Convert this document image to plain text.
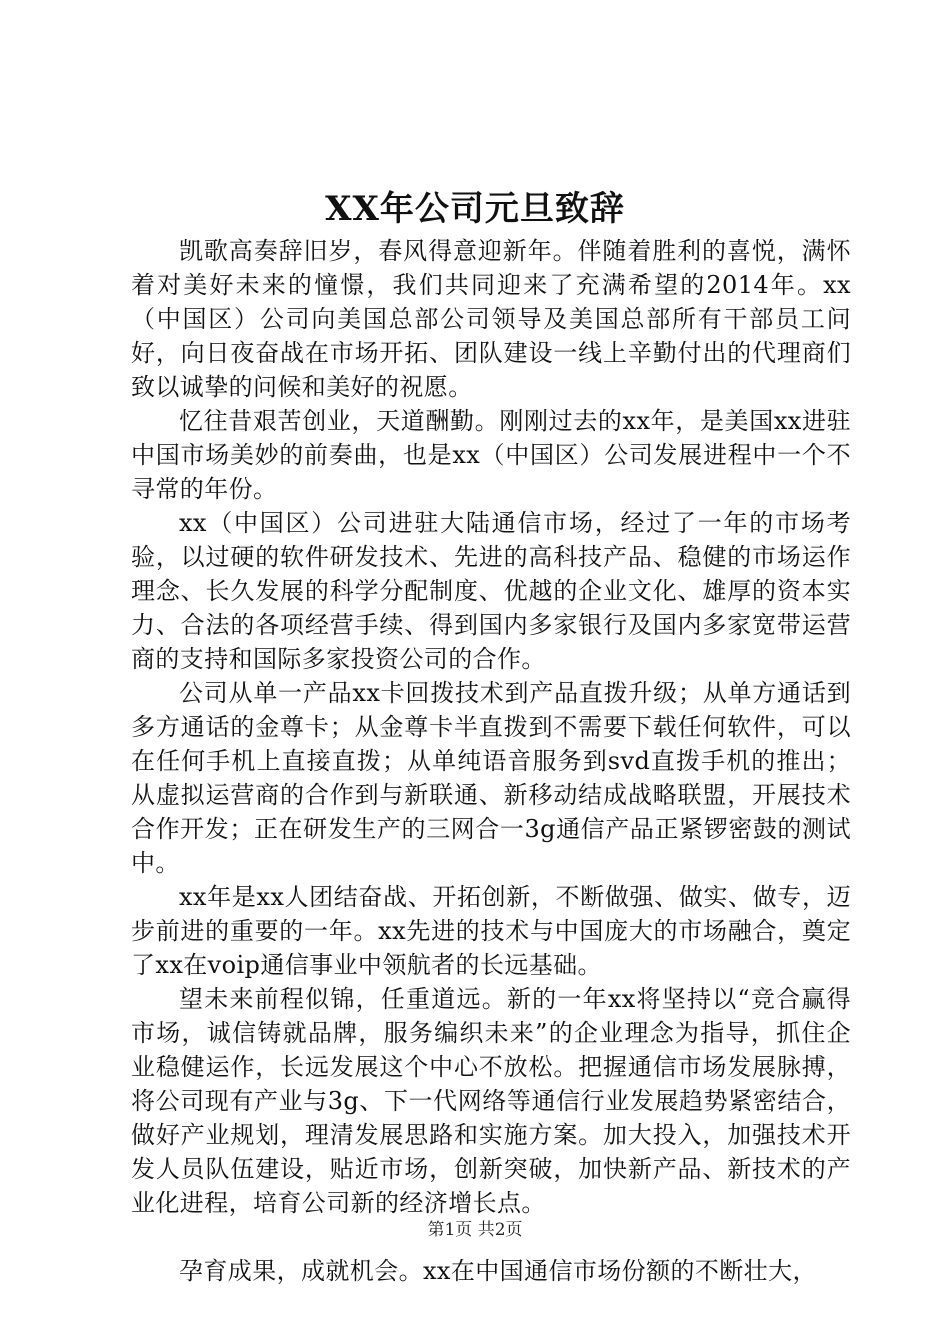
XX年公司元旦致辞

凯歌高奏辞旧岁，春风得意迎新年。伴随着胜利的喜悦，满怀着对美好未来的憧憬，我们共同迎来了充满希望的2014年。xx（中国区）公司向美国总部公司领导及美国总部所有干部员工问好，向日夜奋战在市场开拓、团队建设一线上辛勤付出的代理商们致以诚挚的问候和美好的祝愿。

忆往昔艰苦创业，天道酬勤。刚刚过去的xx年，是美国xx进驻中国市场美妙的前奏曲，也是xx（中国区）公司发展进程中一个不寻常的年份。

xx（中国区）公司进驻大陆通信市场，经过了一年的市场考验，以过硬的软件研发技术、先进的高科技产品、稳健的市场运作理念、长久发展的科学分配制度、优越的企业文化、雄厚的资本实力、合法的各项经营手续、得到国内多家银行及国内多家宽带运营商的支持和国际多家投资公司的合作。

公司从单一产品xx卡回拨技术到产品直拨升级；从单方通话到多方通话的金尊卡；从金尊卡半直拨到不需要下载任何软件，可以在任何手机上直接直拨；从单纯语音服务到svd直拨手机的推出；从虚拟运营商的合作到与新联通、新移动结成战略联盟，开展技术合作开发；正在研发生产的三网合一3g通信产品正紧锣密鼓的测试中。

xx年是xx人团结奋战、开拓创新，不断做强、做实、做专，迈步前进的重要的一年。xx先进的技术与中国庞大的市场融合，奠定了xx在voip通信事业中领航者的长远基础。

望未来前程似锦，任重道远。新的一年xx将坚持以“竞合赢得市场，诚信铸就品牌，服务编织未来”的企业理念为指导，抓住企业稳健运作，长远发展这个中心不放松。把握通信市场发展脉搏，将公司现有产业与3g、下一代网络等通信行业发展趋势紧密结合，做好产业规划，理清发展思路和实施方案。加大投入，加强技术开发人员队伍建设，贴近市场，创新突破，加快新产品、新技术的产业化进程，培育公司新的经济增长点。

孕育成果，成就机会。xx在中国通信市场份额的不断壮大，

第1页 共2页
